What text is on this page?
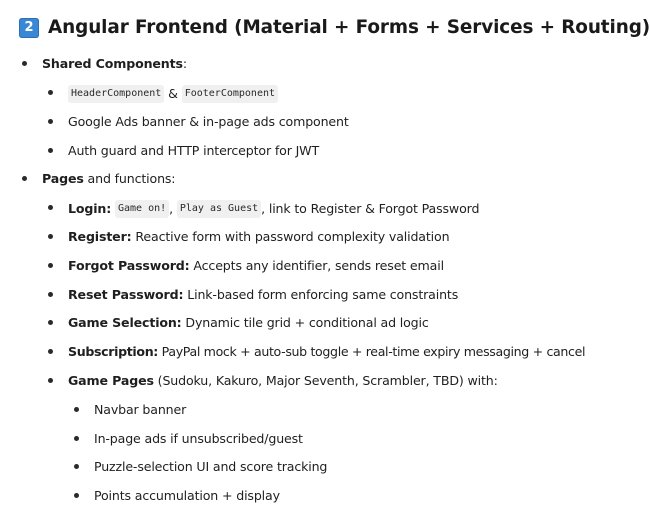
2 Angular Frontend (Material + Forms + Services + Routing)
Shared Components :
HeaderComponent & FooterComponent
Google Ads banner & in-page ads component
Auth guard and HTTP interceptor for JWT
Pages and functions:
Login:
Game on! ,
Play as Guest , link to Register & Forgot Password
Register: Reactive form with password complexity validation
Forgot Password: Accepts any identifier, sends reset email
Reset Password: Link-based form enforcing same constraints
Game Selection: Dynamic tile grid + conditional ad logic
Subscription: PayPal mock + auto-sub toggle + real-time expiry messaging + cancel
Game Pages (Sudoku, Kakuro, Major Seventh, Scrambler, TBD) with:
Navbar banner
In-page ads if unsubscribed/guest
Puzzle-selection UI and score tracking
Points accumulation + display
